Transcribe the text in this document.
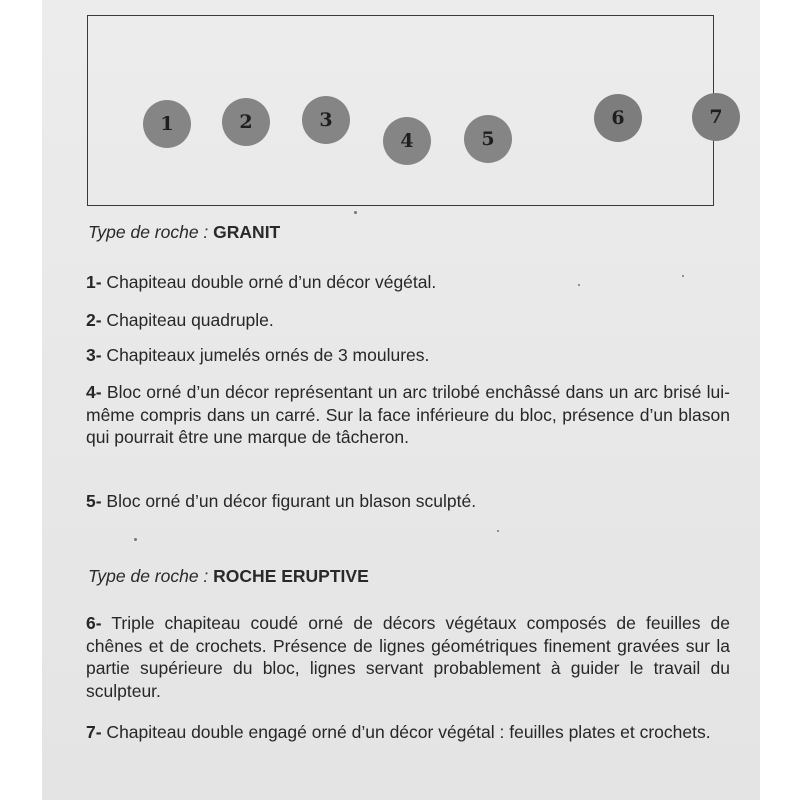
1	2	3
4	5
6	7
Type de roche : GRANIT

1- Chapiteau double orné d’un décor végétal.

2- Chapiteau quadruple.

3- Chapiteaux jumelés ornés de 3 moulures.

4- Bloc orné d’un décor représentant un arc trilobé enchâssé dans un arc brisé lui-même compris dans un carré. Sur la face inférieure du bloc, présence d’un blason qui pourrait être une marque de tâcheron.

5- Bloc orné d’un décor figurant un blason sculpté.

Type de roche : ROCHE ERUPTIVE

6- Triple chapiteau coudé orné de décors végétaux composés de feuilles de chênes et de crochets. Présence de lignes géométriques finement gravées sur la partie supérieure du bloc, lignes servant probablement à guider le travail du sculpteur.

7- Chapiteau double engagé orné d’un décor végétal : feuilles plates et crochets.
